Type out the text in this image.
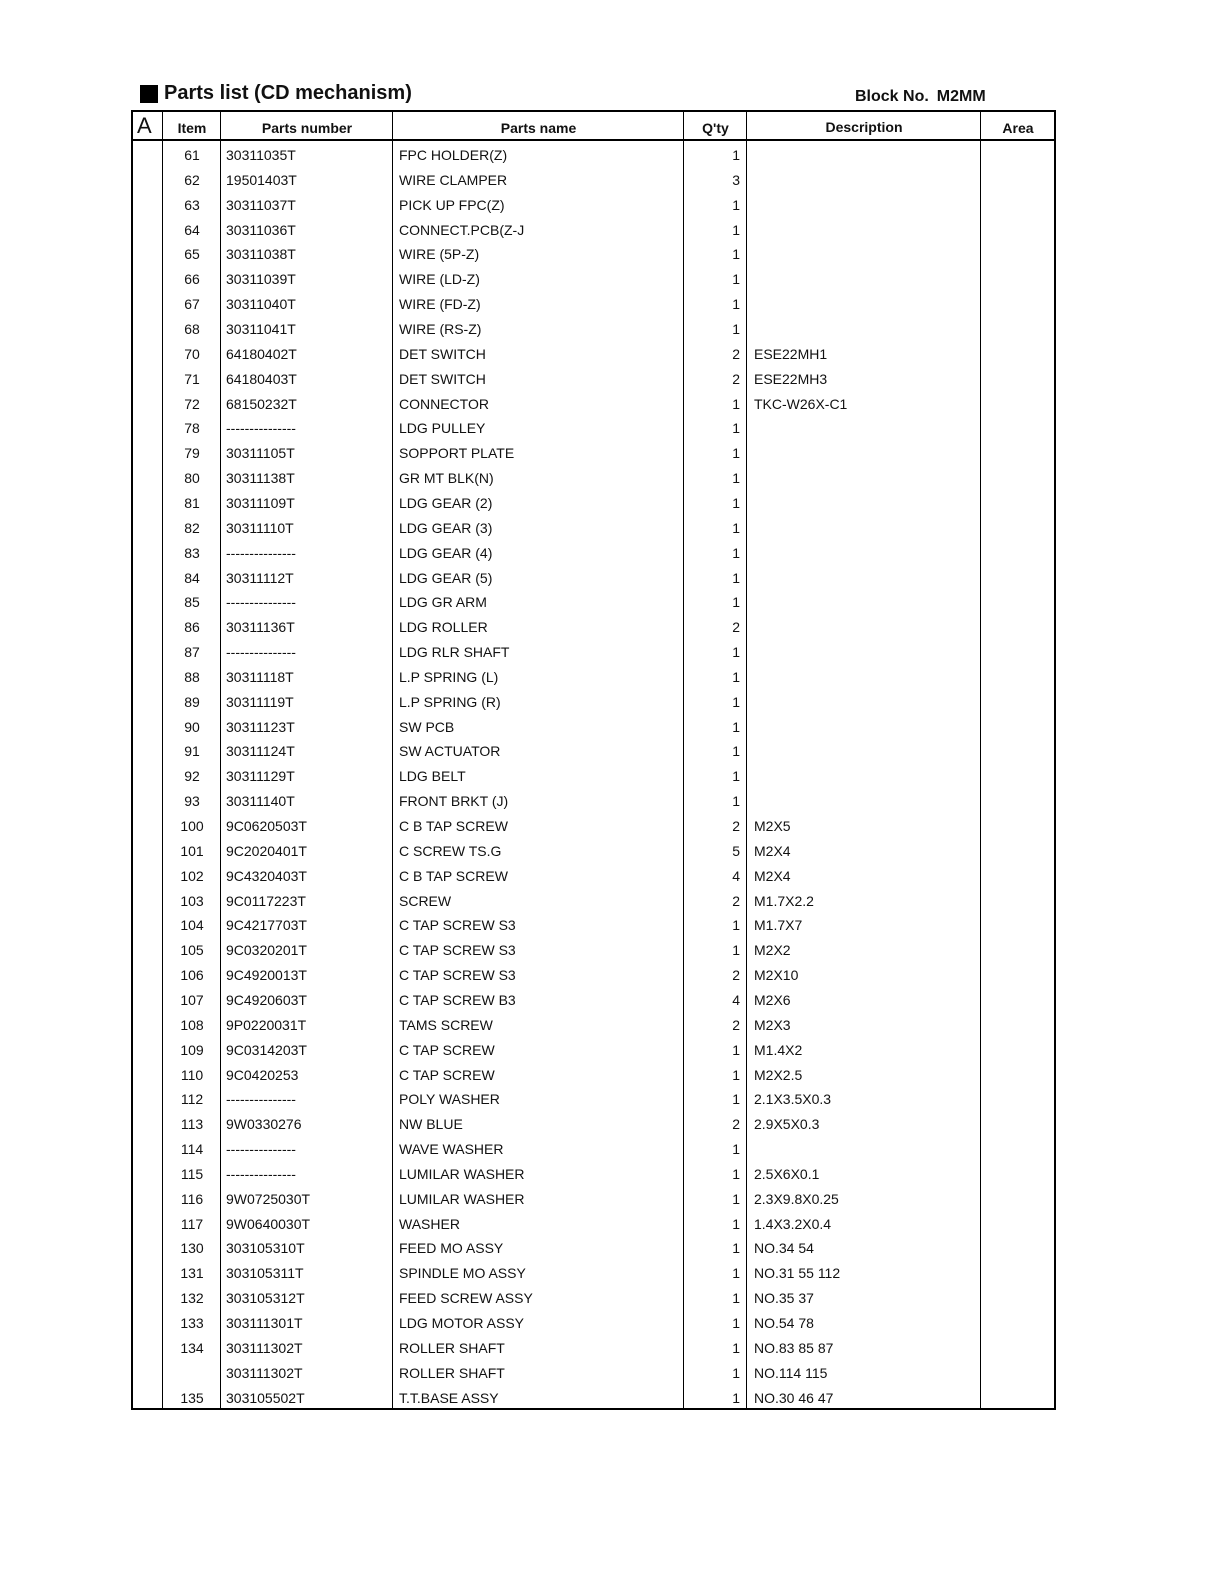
Parts list (CD mechanism)	Block No. M2MM
A	Item	Parts number	Parts name	Q'ty	Description	Area
61	30311035T	FPC HOLDER(Z)	1
62	19501403T	WIRE CLAMPER	3
63	30311037T	PICK UP FPC(Z)	1
64	30311036T	CONNECT.PCB(Z-J	1
65	30311038T	WIRE (5P-Z)	1
66	30311039T	WIRE (LD-Z)	1
67	30311040T	WIRE (FD-Z)	1
68	30311041T	WIRE (RS-Z)	1
70	64180402T	DET SWITCH	2 ESE22MH1
71	64180403T	DET SWITCH	2 ESE22MH3
72	68150232T	CONNECTOR	1 TKC-W26X-C1
78	---------------	LDG PULLEY	1
79	30311105T	SOPPORT PLATE	1
80	30311138T	GR MT BLK(N)	1
81	30311109T	LDG GEAR (2)	1
82	30311110T	LDG GEAR (3)	1
83	---------------	LDG GEAR (4)	1
84	30311112T	LDG GEAR (5)	1
85	---------------	LDG GR ARM	1
86	30311136T	LDG ROLLER	2
87	---------------	LDG RLR SHAFT	1
88	30311118T	L.P SPRING (L)	1
89	30311119T	L.P SPRING (R)	1
90	30311123T	SW PCB	1
91	30311124T	SW ACTUATOR	1
92	30311129T	LDG BELT	1
93	30311140T	FRONT BRKT (J)	1
100	9C0620503T	C B TAP SCREW	2 M2X5
101	9C2020401T	C SCREW TS.G	5 M2X4
102	9C4320403T	C B TAP SCREW	4 M2X4
103	9C0117223T	SCREW	2 M1.7X2.2
104	9C4217703T	C TAP SCREW S3	1 M1.7X7
105	9C0320201T	C TAP SCREW S3	1 M2X2
106	9C4920013T	C TAP SCREW S3	2 M2X10
107	9C4920603T	C TAP SCREW B3	4 M2X6
108	9P0220031T	TAMS SCREW	2 M2X3
109	9C0314203T	C TAP SCREW	1 M1.4X2
110	9C0420253	C TAP SCREW	1 M2X2.5
112	---------------	POLY WASHER	1 2.1X3.5X0.3
113	9W0330276	NW BLUE	2 2.9X5X0.3
114	---------------	WAVE WASHER	1
115	---------------	LUMILAR WASHER	1 2.5X6X0.1
116	9W0725030T	LUMILAR WASHER	1 2.3X9.8X0.25
117	9W0640030T	WASHER	1 1.4X3.2X0.4
130	303105310T	FEED MO ASSY	1 NO.34 54
131	303105311T	SPINDLE MO ASSY	1 NO.31 55 112
132	303105312T	FEED SCREW ASSY	1 NO.35 37
133	303111301T	LDG MOTOR ASSY	1 NO.54 78
134	303111302T	ROLLER SHAFT	1 NO.83 85 87
303111302T	ROLLER SHAFT	1 NO.114 115
135	303105502T	T.T.BASE ASSY	1 NO.30 46 47
